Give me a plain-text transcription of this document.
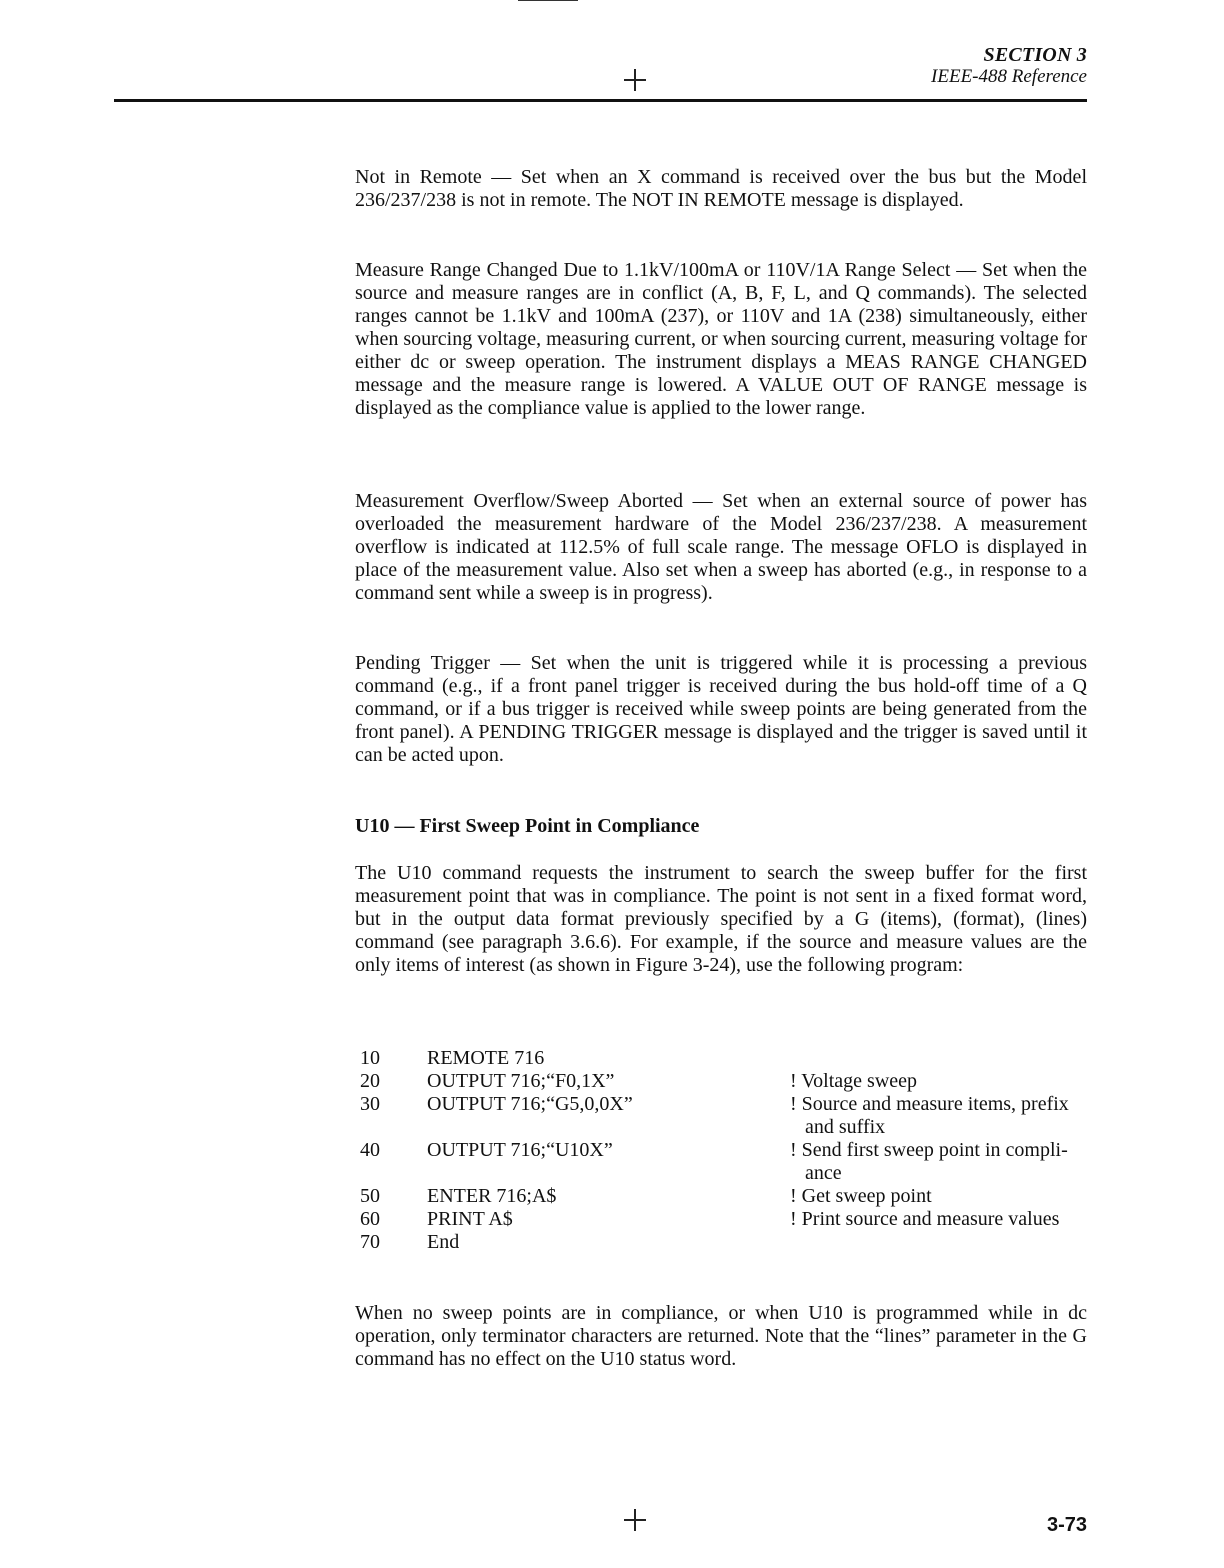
SECTION 3
IEEE-488 Reference

Not in Remote — Set when an X command is received over the bus but the Model 236/237/238 is not in remote. The NOT IN REMOTE message is displayed.

Measure Range Changed Due to 1.1kV/100mA or 110V/1A Range Select — Set when the source and measure ranges are in conflict (A, B, F, L, and Q commands). The selected ranges cannot be 1.1kV and 100mA (237), or 110V and 1A (238) simultaneously, either when sourcing voltage, measuring current, or when sourcing current, measuring voltage for either dc or sweep operation. The instrument displays a MEAS RANGE CHANGED message and the measure range is lowered. A VALUE OUT OF RANGE message is displayed as the compliance value is applied to the lower range.

Measurement Overflow/Sweep Aborted — Set when an external source of power has overloaded the measurement hardware of the Model 236/237/238. A measurement overflow is indicated at 112.5% of full scale range. The message OFLO is displayed in place of the measurement value. Also set when a sweep has aborted (e.g., in response to a command sent while a sweep is in progress).

Pending Trigger — Set when the unit is triggered while it is processing a previous command (e.g., if a front panel trigger is received during the bus hold-off time of a Q command, or if a bus trigger is received while sweep points are being generated from the front panel). A PENDING TRIGGER message is displayed and the trigger is saved until it can be acted upon.

U10 — First Sweep Point in Compliance

The U10 command requests the instrument to search the sweep buffer for the first measurement point that was in compliance. The point is not sent in a fixed format word, but in the output data format previously specified by a G (items), (format), (lines) command (see paragraph 3.6.6). For example, if the source and measure values are the only items of interest (as shown in Figure 3-24), use the following program:

10	REMOTE 716
20	OUTPUT 716;“F0,1X”	! Voltage sweep
30	OUTPUT 716;“G5,0,0X”	! Source and measure items, prefix
and suffix
40	OUTPUT 716;“U10X”	! Send first sweep point in compli-
ance
50	ENTER 716;A$	! Get sweep point
60	PRINT A$	! Print source and measure values
70	End

When no sweep points are in compliance, or when U10 is programmed while in dc operation, only terminator characters are returned. Note that the “lines” parameter in the G command has no effect on the U10 status word.

3-73
